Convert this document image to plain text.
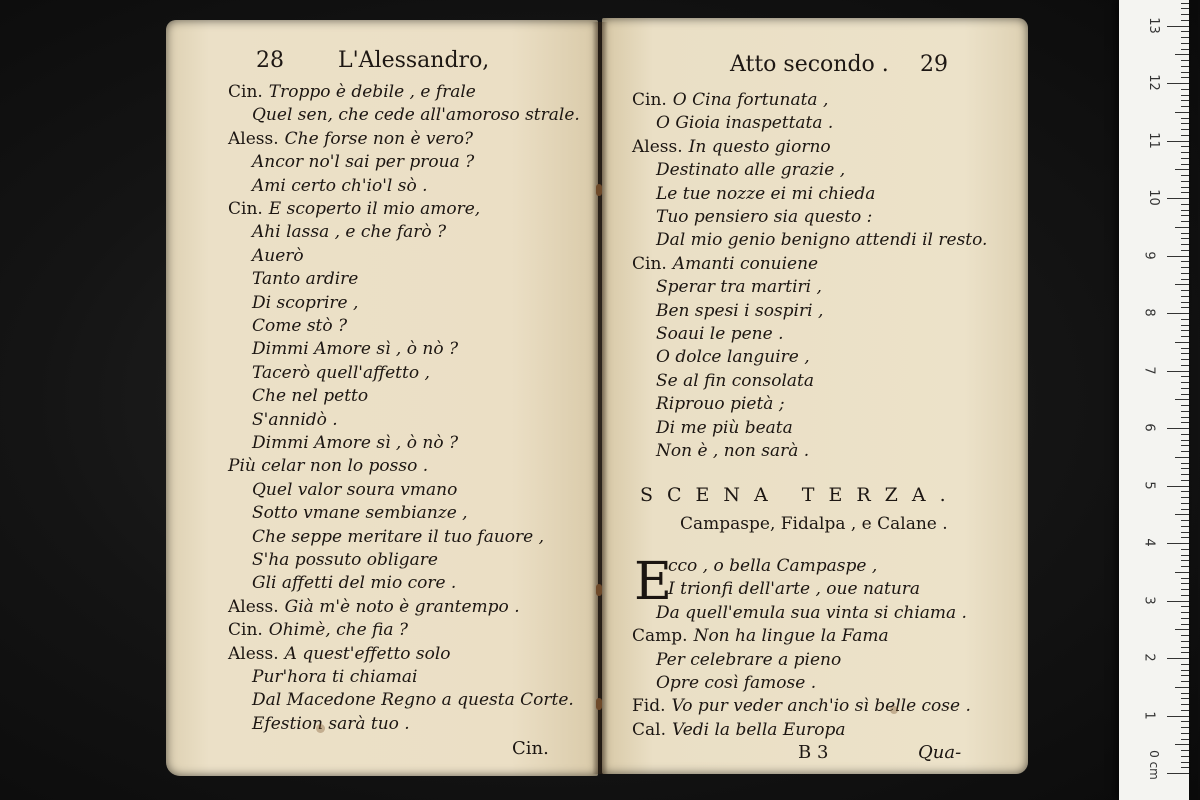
28 L'Alessandro,
Cin. Troppo è debile , e frale
Quel sen, che cede all'amoroso strale.
Aless. Che forse non è vero?
Ancor no'l sai per proua ?
Ami certo ch'io'l sò .
Cin. E scoperto il mio amore,
Ahi lassa , e che farò ?
Auerò
Tanto ardire
Di scoprire ,
Come stò ?
Dimmi Amore sì , ò nò ?
Tacerò quell'affetto ,
Che nel petto
S'annidò .
Dimmi Amore sì , ò nò ?
Più celar non lo posso .
Quel valor soura vmano
Sotto vmane sembianze ,
Che seppe meritare il tuo fauore ,
S'ha possuto obligare
Gli affetti del mio core .
Aless. Già m'è noto è grantempo .
Cin. Ohimè, che fia ?
Aless. A quest'effetto solo
Pur'hora ti chiamai
Dal Macedone Regno a questa Corte.
Efestion sarà tuo .
Cin.
Atto secondo . 29
Cin. O Cina fortunata ,
O Gioia inaspettata .
Aless. In questo giorno
Destinato alle grazie ,
Le tue nozze ei mi chieda
Tuo pensiero sia questo :
Dal mio genio benigno attendi il resto.
Cin. Amanti conuiene
Sperar tra martiri ,
Ben spesi i sospiri ,
Soaui le pene .
O dolce languire ,
Se al fin consolata
Riprouo pietà ;
Di me più beata
Non è , non sarà .
SCENA TERZA.
Campaspe, Fidalpa , e Calane .
E
cco , o bella Campaspe ,
I trionfi dell'arte , oue natura
Da quell'emula sua vinta si chiama .
Camp. Non ha lingue la Fama
Per celebrare a pieno
Opre così famose .
Fid. Vo pur veder anch'io sì belle cose .
Cal. Vedi la bella Europa
B 3	Qua-	0 cm
1
2
3
4
5
6
7
8
9
10
11
12
13
